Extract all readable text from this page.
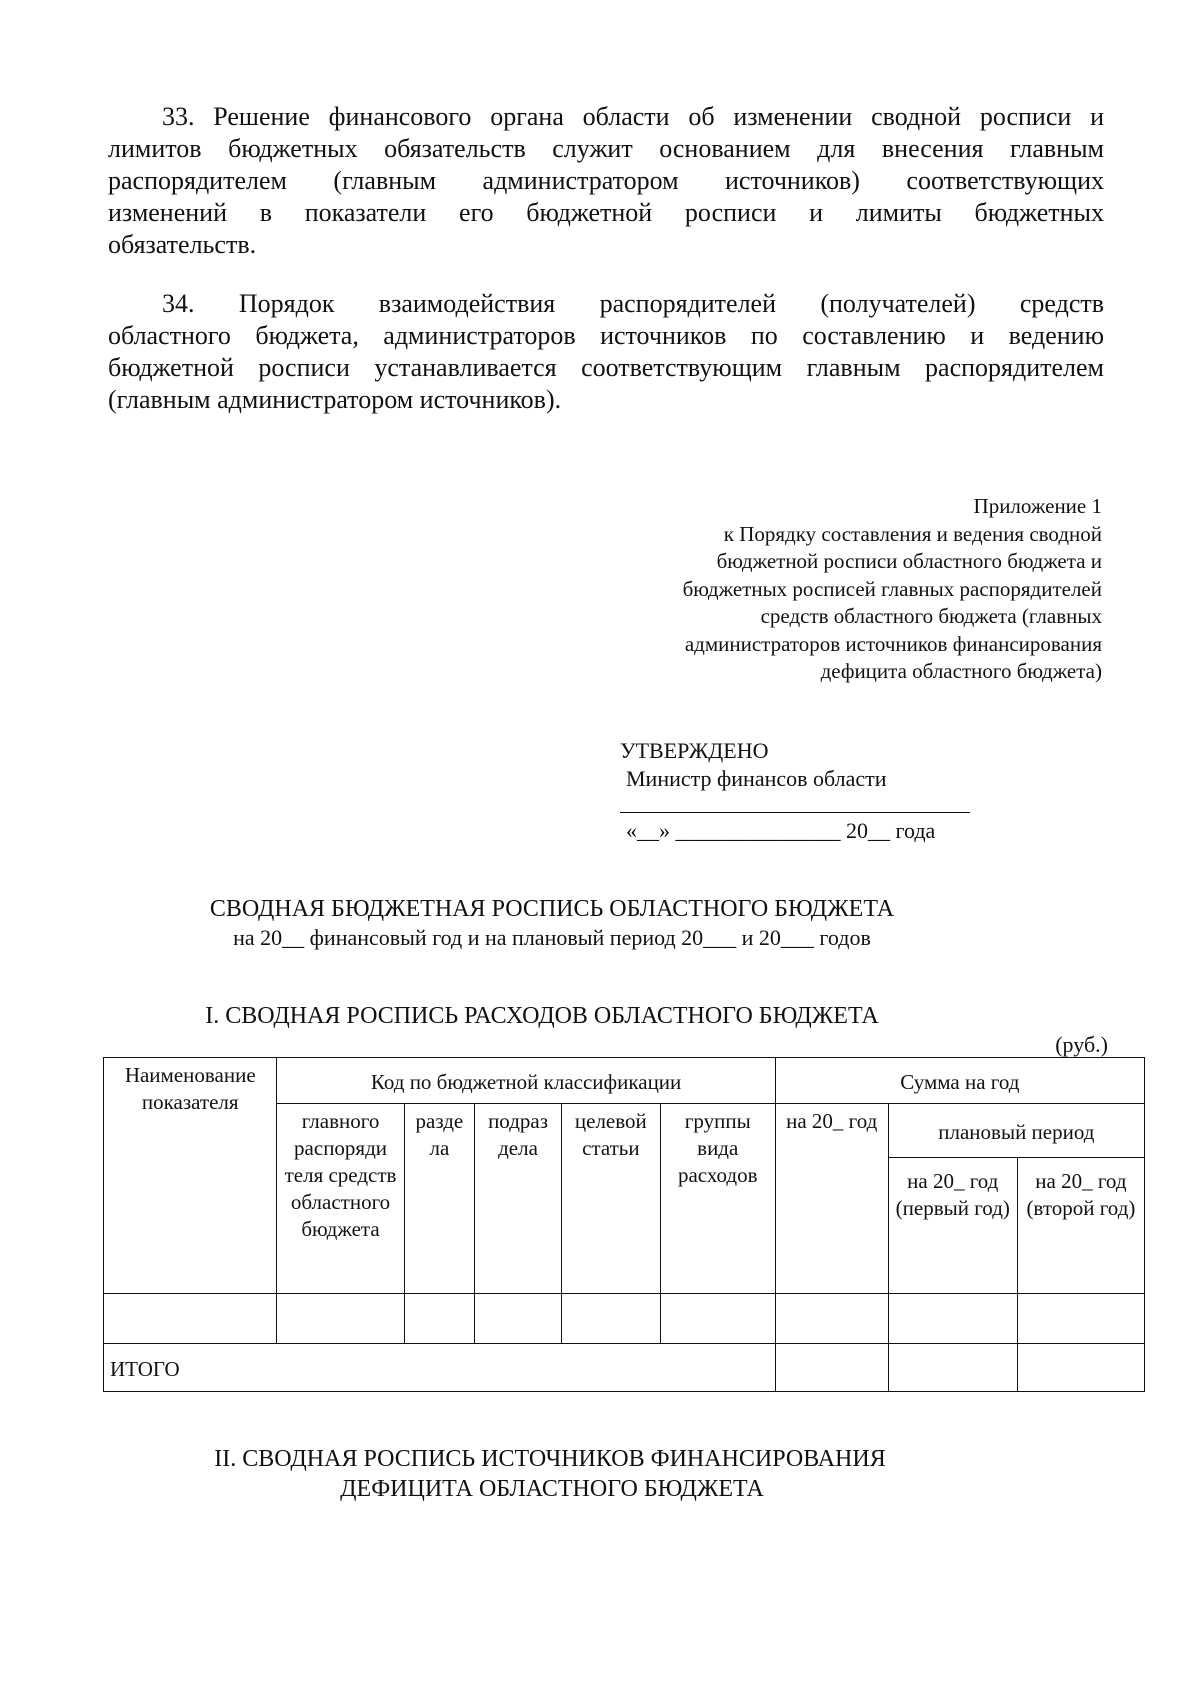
33. Решение финансового органа области об изменении сводной росписи и
лимитов бюджетных обязательств служит основанием для внесения главным
распорядителем (главным администратором источников) соответствующих
изменений в показатели его бюджетной росписи и лимиты бюджетных
обязательств.
34. Порядок взаимодействия распорядителей (получателей) средств
областного бюджета, администраторов источников по составлению и ведению
бюджетной росписи устанавливается соответствующим главным распорядителем
(главным администратором источников).
Приложение 1
к Порядку составления и ведения сводной
бюджетной росписи областного бюджета и
бюджетных росписей главных распорядителей
средств областного бюджета (главных
администраторов источников финансирования
дефицита областного бюджета)
УТВЕРЖДЕНО
Министр финансов области
«__» _______________ 20__ года
СВОДНАЯ БЮДЖЕТНАЯ РОСПИСЬ ОБЛАСТНОГО БЮДЖЕТА
на 20__ финансовый год и на плановый период 20___ и 20___ годов
I. СВОДНАЯ РОСПИСЬ РАСХОДОВ ОБЛАСТНОГО БЮДЖЕТА
(руб.)
Наименование показателя	Код по бюджетной классификации					Сумма на год		
	главного распоряди теля средств областного бюджета	разде ла	подраз дела	целевой статьи	группы вида расходов	на 20_ год	плановый период	
							на 20_ год (первый год)	на 20_ год (второй год)

ИТОГО								
II. СВОДНАЯ РОСПИСЬ ИСТОЧНИКОВ ФИНАНСИРОВАНИЯ
ДЕФИЦИТА ОБЛАСТНОГО БЮДЖЕТА
